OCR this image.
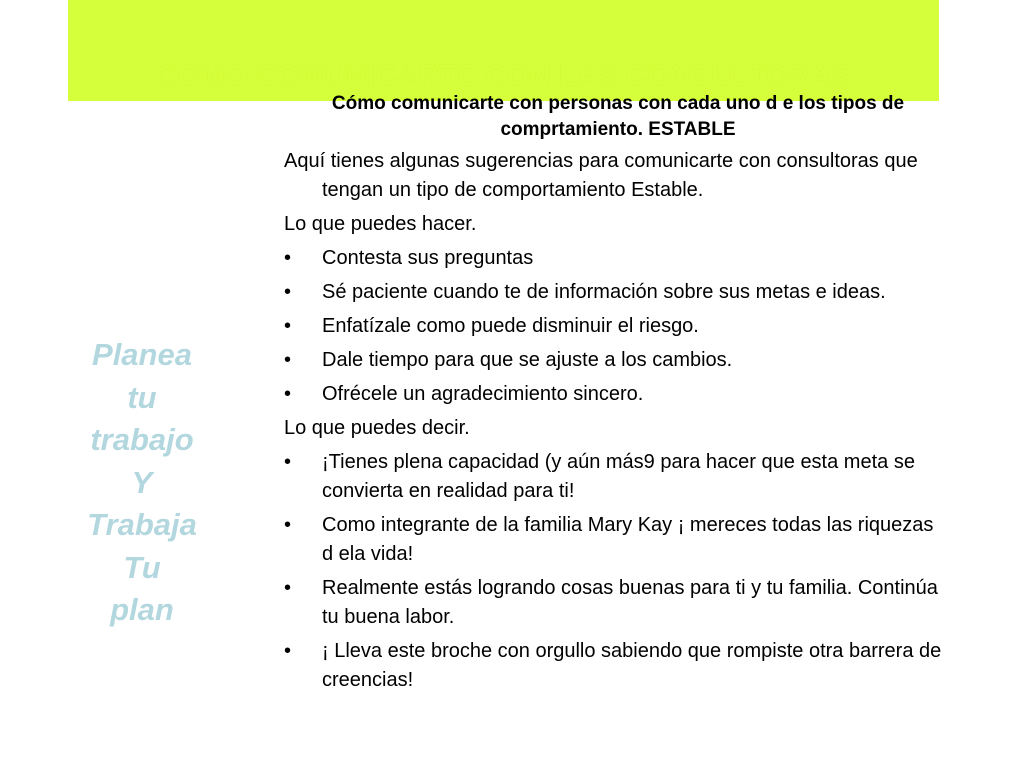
COMO COMUNICARTE CON LAS CONSULTORAS
Planea
tu
trabajo
Y
Trabaja
Tu
plan
Cómo comunicarte con personas con cada uno d e los tipos de comprtamiento. ESTABLE
Aquí tienes algunas sugerencias para comunicarte con consultoras que tengan un tipo de comportamiento Estable.
Lo que puedes hacer.
• Contesta sus preguntas
• Sé paciente cuando te de información sobre sus metas e ideas.
• Enfatízale como puede disminuir el riesgo.
• Dale tiempo para que se ajuste a los cambios.
• Ofrécele un agradecimiento sincero.
Lo que puedes decir.
• ¡Tienes plena capacidad (y aún más9 para hacer que esta meta se convierta en realidad para ti!
• Como integrante de la familia Mary Kay ¡ mereces todas las riquezas d ela vida!
• Realmente estás logrando cosas buenas para ti y tu familia. Continúa tu buena labor.
• ¡ Lleva este broche con orgullo sabiendo que rompiste otra barrera de creencias!
